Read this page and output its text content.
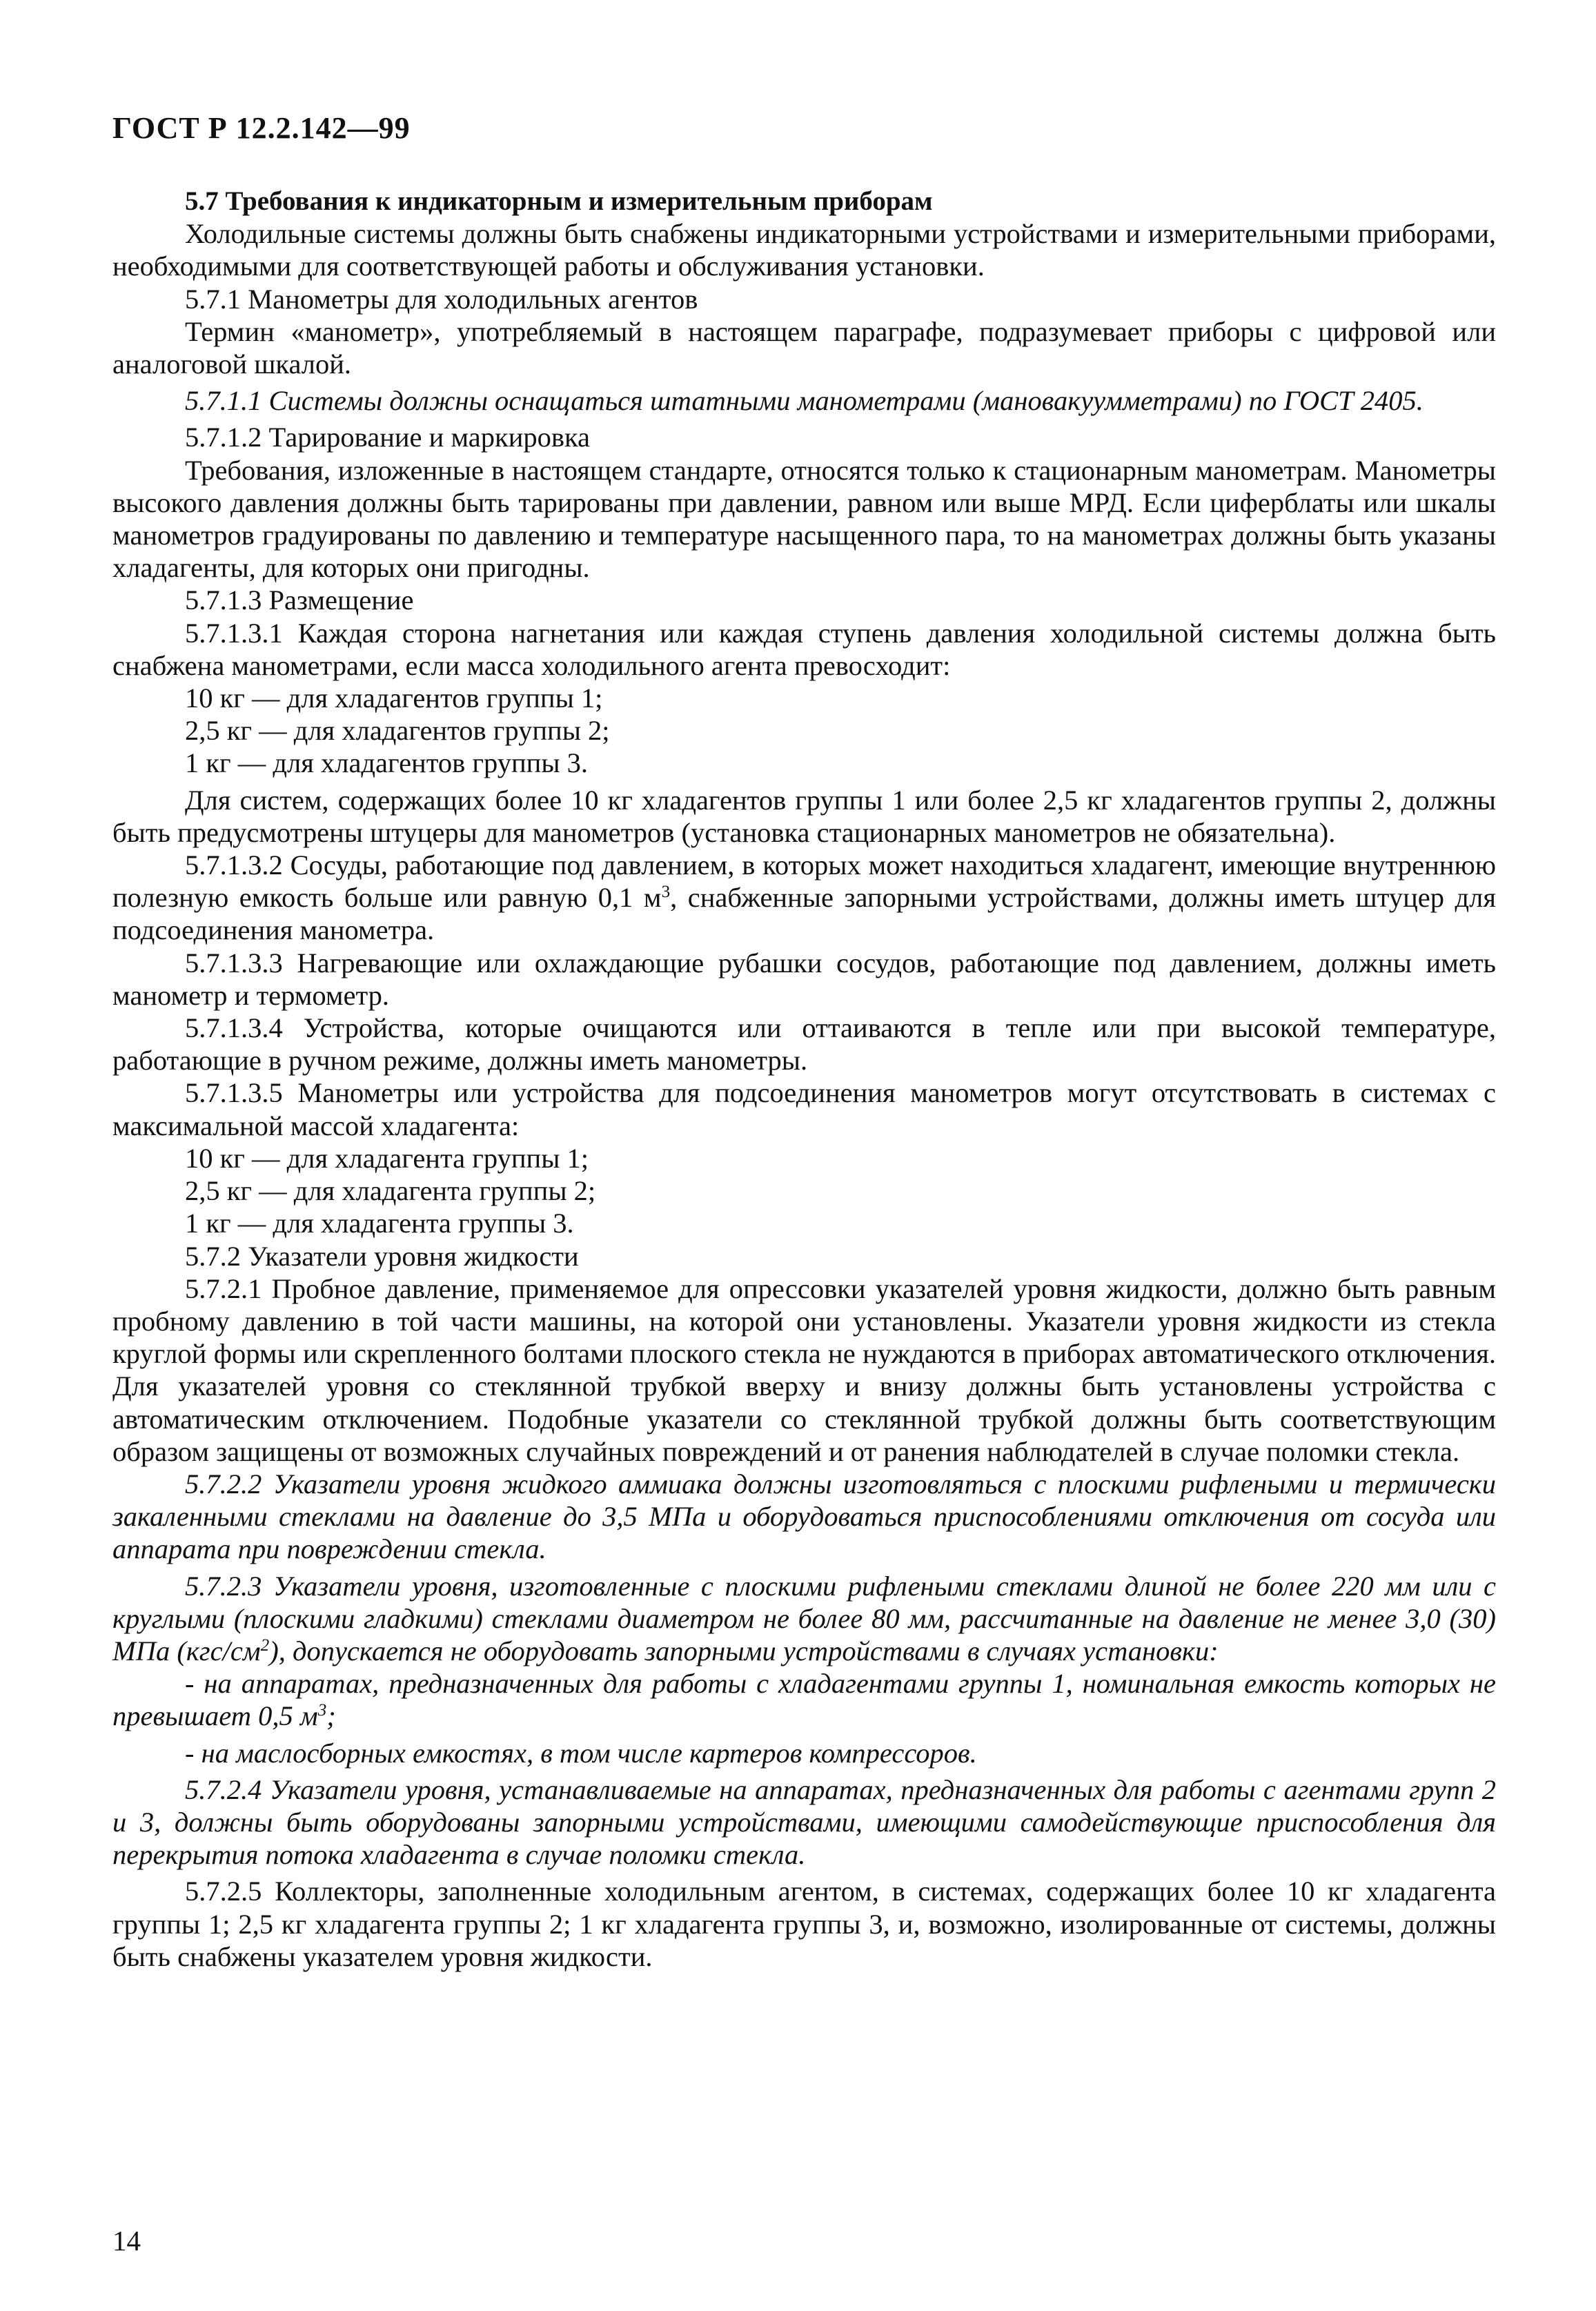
ГОСТ Р 12.2.142—99

5.7 Требования к индикаторным и измерительным приборам

Холодильные системы должны быть снабжены индикаторными устройствами и измерительными приборами, необходимыми для соответствующей работы и обслуживания установки.

5.7.1 Манометры для холодильных агентов

Термин «манометр», употребляемый в настоящем параграфе, подразумевает приборы с цифровой или аналоговой шкалой.

5.7.1.1 Системы должны оснащаться штатными манометрами (мановакуумметрами) по ГОСТ 2405.

5.7.1.2 Тарирование и маркировка

Требования, изложенные в настоящем стандарте, относятся только к стационарным манометрам. Манометры высокого давления должны быть тарированы при давлении, равном или выше МРД. Если циферблаты или шкалы манометров градуированы по давлению и температуре насыщенного пара, то на манометрах должны быть указаны хладагенты, для которых они пригодны.

5.7.1.3 Размещение

5.7.1.3.1 Каждая сторона нагнетания или каждая ступень давления холодильной системы должна быть снабжена манометрами, если масса холодильного агента превосходит:

10 кг — для хладагентов группы 1;

2,5 кг — для хладагентов группы 2;

1 кг — для хладагентов группы 3.

Для систем, содержащих более 10 кг хладагентов группы 1 или более 2,5 кг хладагентов группы 2, должны быть предусмотрены штуцеры для манометров (установка стационарных манометров не обязательна).

5.7.1.3.2 Сосуды, работающие под давлением, в которых может находиться хладагент, имеющие внутреннюю полезную емкость больше или равную 0,1 $м^3$, снабженные запорными устройствами, должны иметь штуцер для подсоединения манометра.

5.7.1.3.3 Нагревающие или охлаждающие рубашки сосудов, работающие под давлением, должны иметь манометр и термометр.

5.7.1.3.4 Устройства, которые очищаются или оттаиваются в тепле или при высокой температуре, работающие в ручном режиме, должны иметь манометры.

5.7.1.3.5 Манометры или устройства для подсоединения манометров могут отсутствовать в системах с максимальной массой хладагента:

10 кг — для хладагента группы 1;

2,5 кг — для хладагента группы 2;

1 кг — для хладагента группы 3.

5.7.2 Указатели уровня жидкости

5.7.2.1 Пробное давление, применяемое для опрессовки указателей уровня жидкости, должно быть равным пробному давлению в той части машины, на которой они установлены. Указатели уровня жидкости из стекла круглой формы или скрепленного болтами плоского стекла не нуждаются в приборах автоматического отключения. Для указателей уровня со стеклянной трубкой вверху и внизу должны быть установлены устройства с автоматическим отключением. Подобные указатели со стеклянной трубкой должны быть соответствующим образом защищены от возможных случайных повреждений и от ранения наблюдателей в случае поломки стекла.

5.7.2.2 Указатели уровня жидкого аммиака должны изготовляться с плоскими рифлеными и термически закаленными стеклами на давление до 3,5 МПа и оборудоваться приспособлениями отключения от сосуда или аппарата при повреждении стекла.

5.7.2.3 Указатели уровня, изготовленные с плоскими рифлеными стеклами длиной не более 220 мм или с круглыми (плоскими гладкими) стеклами диаметром не более 80 мм, рассчитанные на давление не менее 3,0 (30) МПа $(кгс/см^2)$, допускается не оборудовать запорными устройствами в случаях установки:

- на аппаратах, предназначенных для работы с хладагентами группы 1, номинальная емкость которых не превышает 0,5 $м^3$;

- на маслосборных емкостях, в том числе картеров компрессоров.

5.7.2.4 Указатели уровня, устанавливаемые на аппаратах, предназначенных для работы с агентами групп 2 и 3, должны быть оборудованы запорными устройствами, имеющими самодействующие приспособления для перекрытия потока хладагента в случае поломки стекла.

5.7.2.5 Коллекторы, заполненные холодильным агентом, в системах, содержащих более 10 кг хладагента группы 1; 2,5 кг хладагента группы 2; 1 кг хладагента группы 3, и, возможно, изолированные от системы, должны быть снабжены указателем уровня жидкости.

14
